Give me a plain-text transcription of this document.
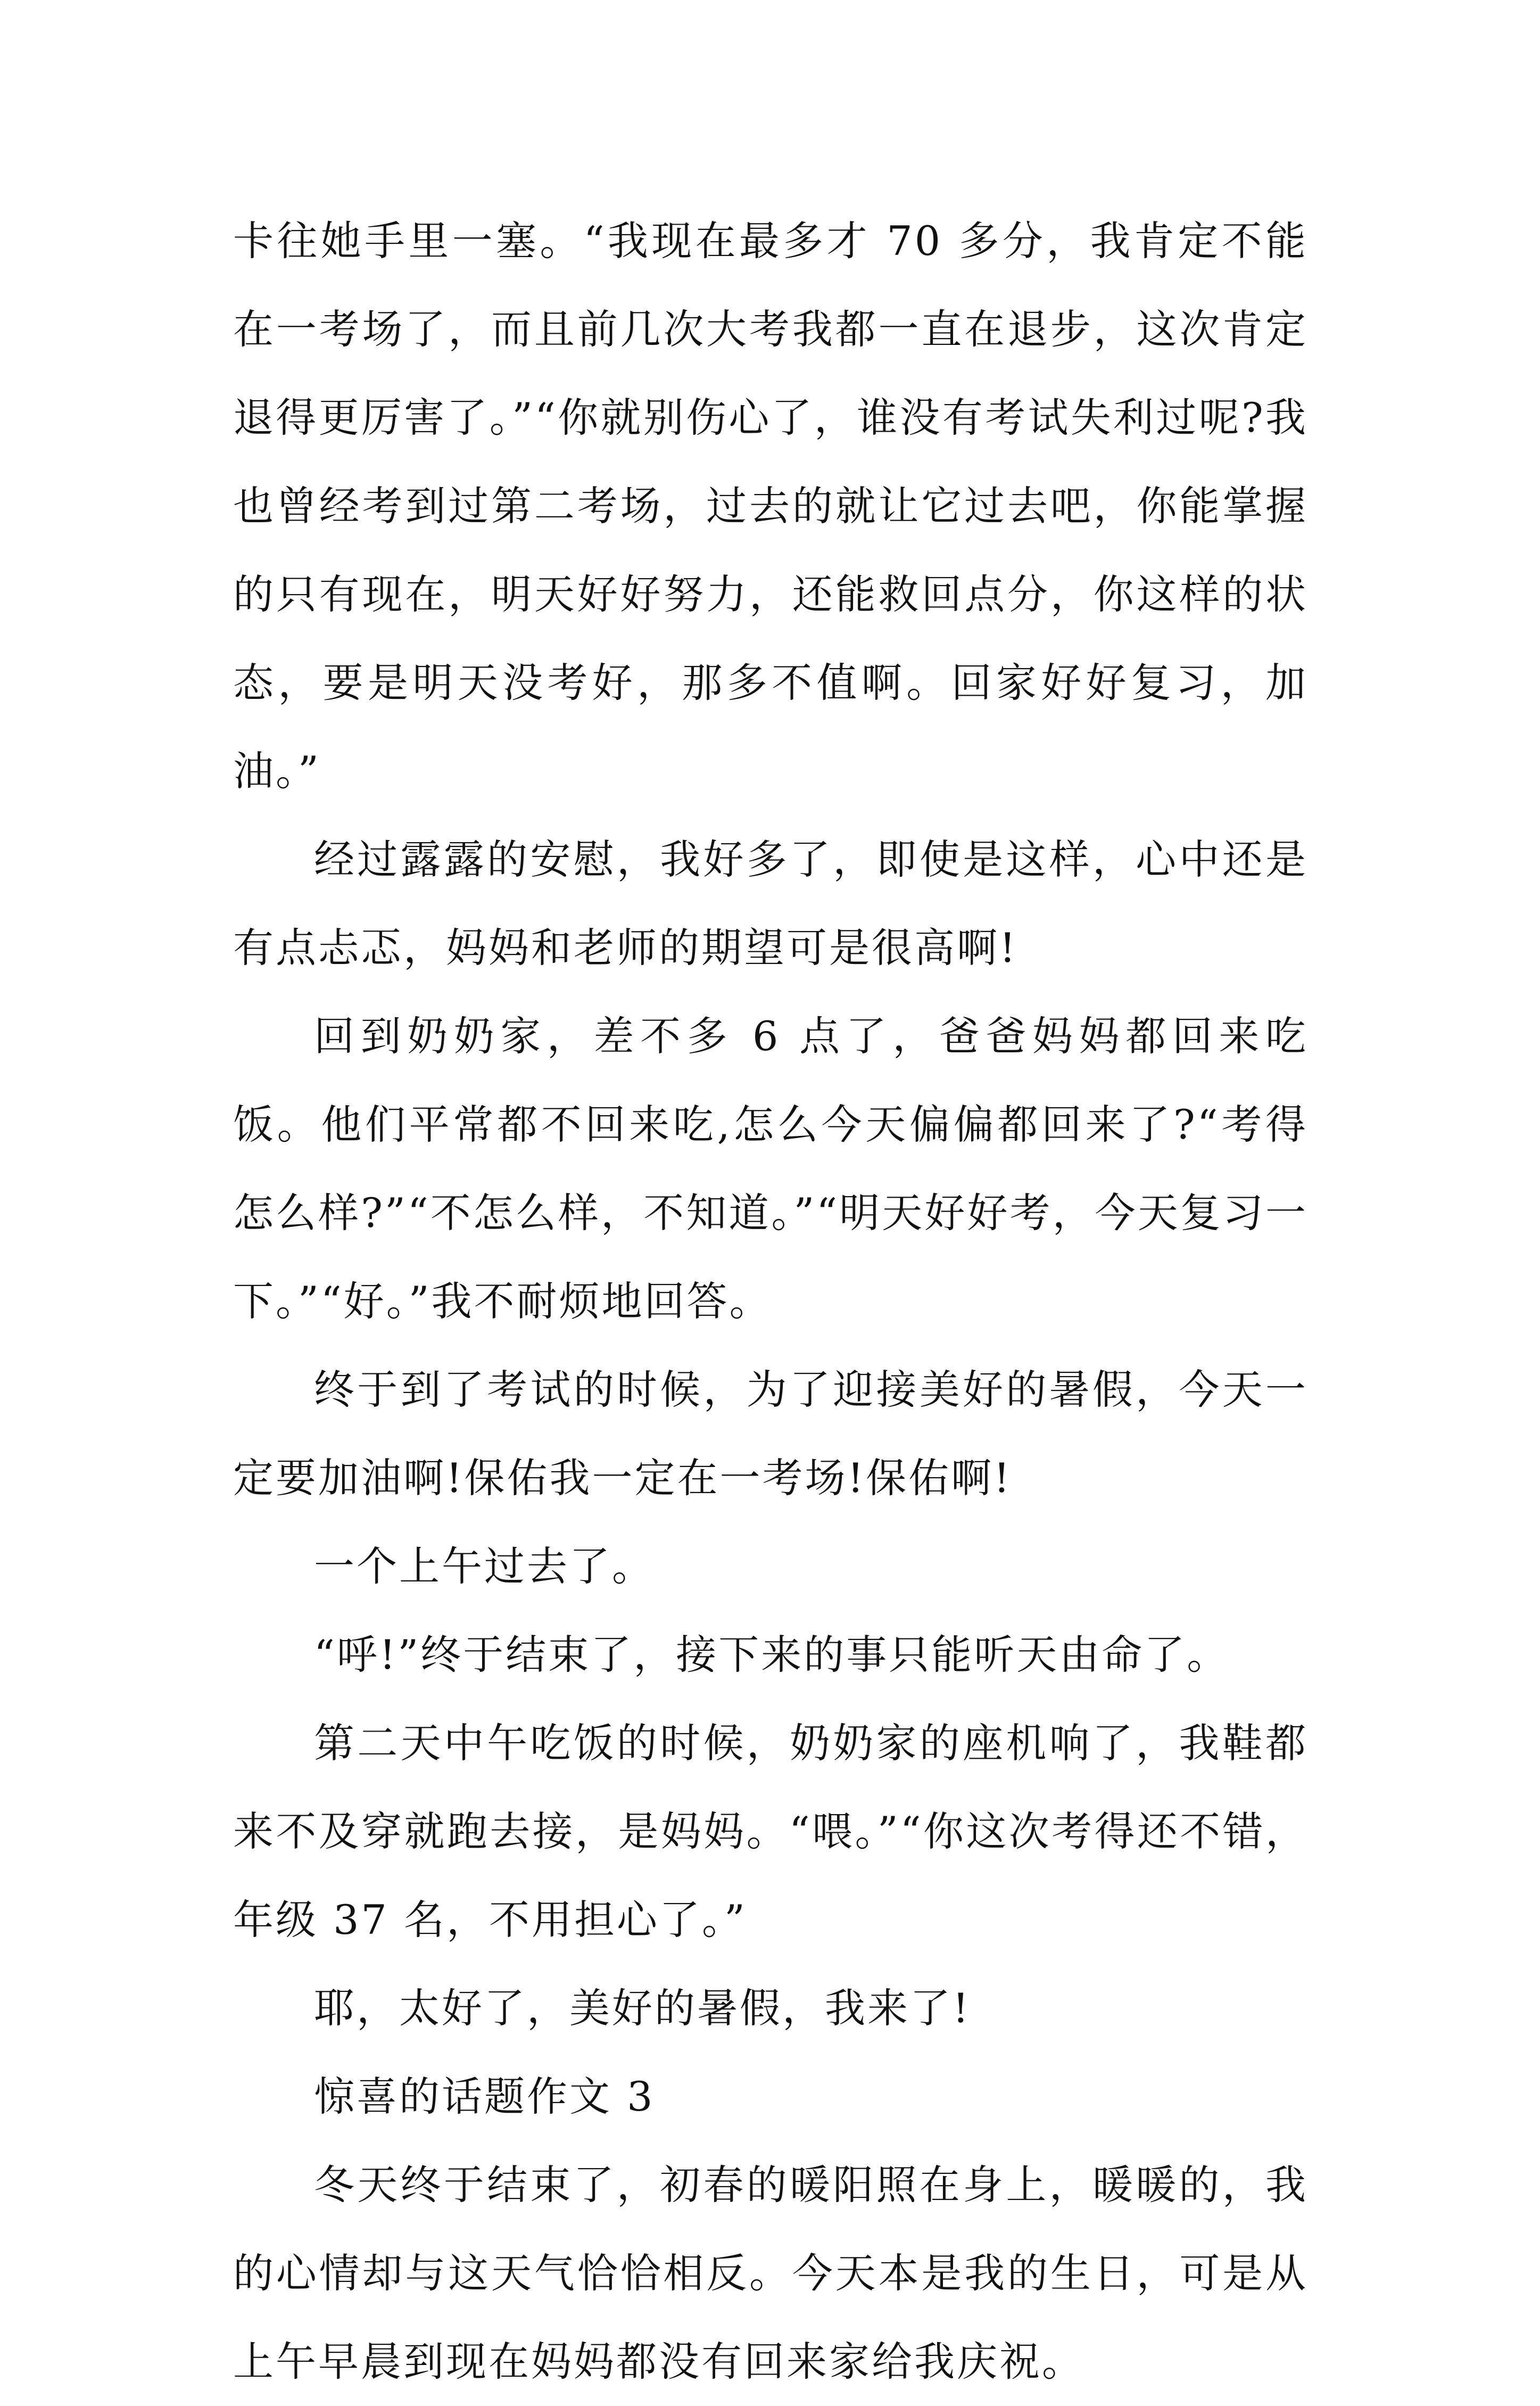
卡往她手里一塞。“我现在最多才 70 多分，我肯定不能在一考场了，而且前几次大考我都一直在退步，这次肯定退得更厉害了。”“你就别伤心了，谁没有考试失利过呢?我也曾经考到过第二考场，过去的就让它过去吧，你能掌握的只有现在，明天好好努力，还能救回点分，你这样的状态，要是明天没考好，那多不值啊。回家好好复习，加油。”

经过露露的安慰，我好多了，即使是这样，心中还是有点忐忑，妈妈和老师的期望可是很高啊!

回到奶奶家，差不多 6 点了，爸爸妈妈都回来吃饭。他们平常都不回来吃,怎么今天偏偏都回来了?“考得怎么样?”“不怎么样，不知道。”“明天好好考，今天复习一下。”“好。”我不耐烦地回答。

终于到了考试的时候，为了迎接美好的暑假，今天一定要加油啊!保佑我一定在一考场!保佑啊!

一个上午过去了。

“呼!”终于结束了，接下来的事只能听天由命了。

第二天中午吃饭的时候，奶奶家的座机响了，我鞋都来不及穿就跑去接，是妈妈。“喂。”“你这次考得还不错，年级 37 名，不用担心了。”

耶，太好了，美好的暑假，我来了!

惊喜的话题作文 3

冬天终于结束了，初春的暖阳照在身上，暖暖的，我的心情却与这天气恰恰相反。今天本是我的生日，可是从上午早晨到现在妈妈都没有回来家给我庆祝。
